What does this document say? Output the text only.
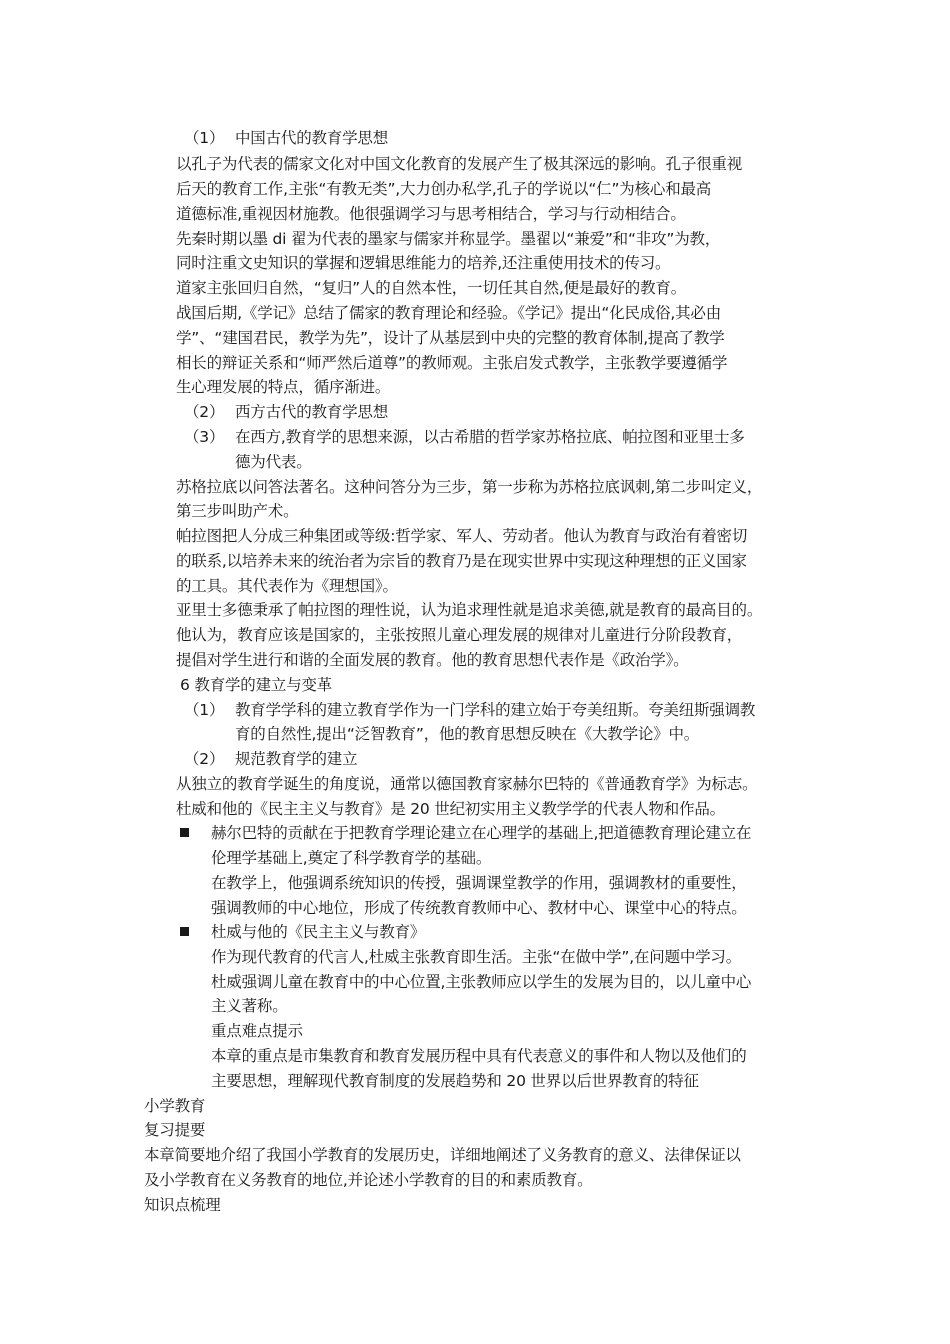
（1） 中国古代的教育学思想
以孔子为代表的儒家文化对中国文化教育的发展产生了极其深远的影响。孔子很重视
后天的教育工作,主张“有教无类”,大力创办私学,孔子的学说以“仁”为核心和最高
道德标准,重视因材施教。他很强调学习与思考相结合，学习与行动相结合。
先秦时期以墨 di 翟为代表的墨家与儒家并称显学。墨翟以“兼爱”和“非攻”为教，
同时注重文史知识的掌握和逻辑思维能力的培养,还注重使用技术的传习。
道家主张回归自然，“复归”人的自然本性，一切任其自然,便是最好的教育。
战国后期,《学记》总结了儒家的教育理论和经验。《学记》提出“化民成俗,其必由
学”、“建国君民，教学为先”，设计了从基层到中央的完整的教育体制,提高了教学
相长的辩证关系和“师严然后道尊”的教师观。主张启发式教学，主张教学要遵循学
生心理发展的特点，循序渐进。
（2） 西方古代的教育学思想
（3） 在西方,教育学的思想来源，以古希腊的哲学家苏格拉底、帕拉图和亚里士多
德为代表。
苏格拉底以问答法著名。这种问答分为三步，第一步称为苏格拉底讽刺,第二步叫定义，
第三步叫助产术。
帕拉图把人分成三种集团或等级:哲学家、军人、劳动者。他认为教育与政治有着密切
的联系,以培养未来的统治者为宗旨的教育乃是在现实世界中实现这种理想的正义国家
的工具。其代表作为《理想国》。
亚里士多德秉承了帕拉图的理性说，认为追求理性就是追求美德,就是教育的最高目的。
他认为，教育应该是国家的，主张按照儿童心理发展的规律对儿童进行分阶段教育，
提倡对学生进行和谐的全面发展的教育。他的教育思想代表作是《政治学》。
6 教育学的建立与变革
（1） 教育学学科的建立教育学作为一门学科的建立始于夸美纽斯。夸美纽斯强调教
育的自然性,提出“泛智教育”，他的教育思想反映在《大教学论》中。
（2） 规范教育学的建立
从独立的教育学诞生的角度说，通常以德国教育家赫尔巴特的《普通教育学》为标志。
杜威和他的《民主主义与教育》是 20 世纪初实用主义教学学的代表人物和作品。
赫尔巴特的贡献在于把教育学理论建立在心理学的基础上,把道德教育理论建立在
伦理学基础上,奠定了科学教育学的基础。
在教学上，他强调系统知识的传授，强调课堂教学的作用，强调教材的重要性，
强调教师的中心地位，形成了传统教育教师中心、教材中心、课堂中心的特点。
杜威与他的《民主主义与教育》
作为现代教育的代言人,杜威主张教育即生活。主张“在做中学”,在问题中学习。
杜威强调儿童在教育中的中心位置,主张教师应以学生的发展为目的，以儿童中心
主义著称。
重点难点提示
本章的重点是市集教育和教育发展历程中具有代表意义的事件和人物以及他们的
主要思想，理解现代教育制度的发展趋势和 20 世界以后世界教育的特征
小学教育
复习提要
本章简要地介绍了我国小学教育的发展历史，详细地阐述了义务教育的意义、法律保证以
及小学教育在义务教育的地位,并论述小学教育的目的和素质教育。
知识点梳理
